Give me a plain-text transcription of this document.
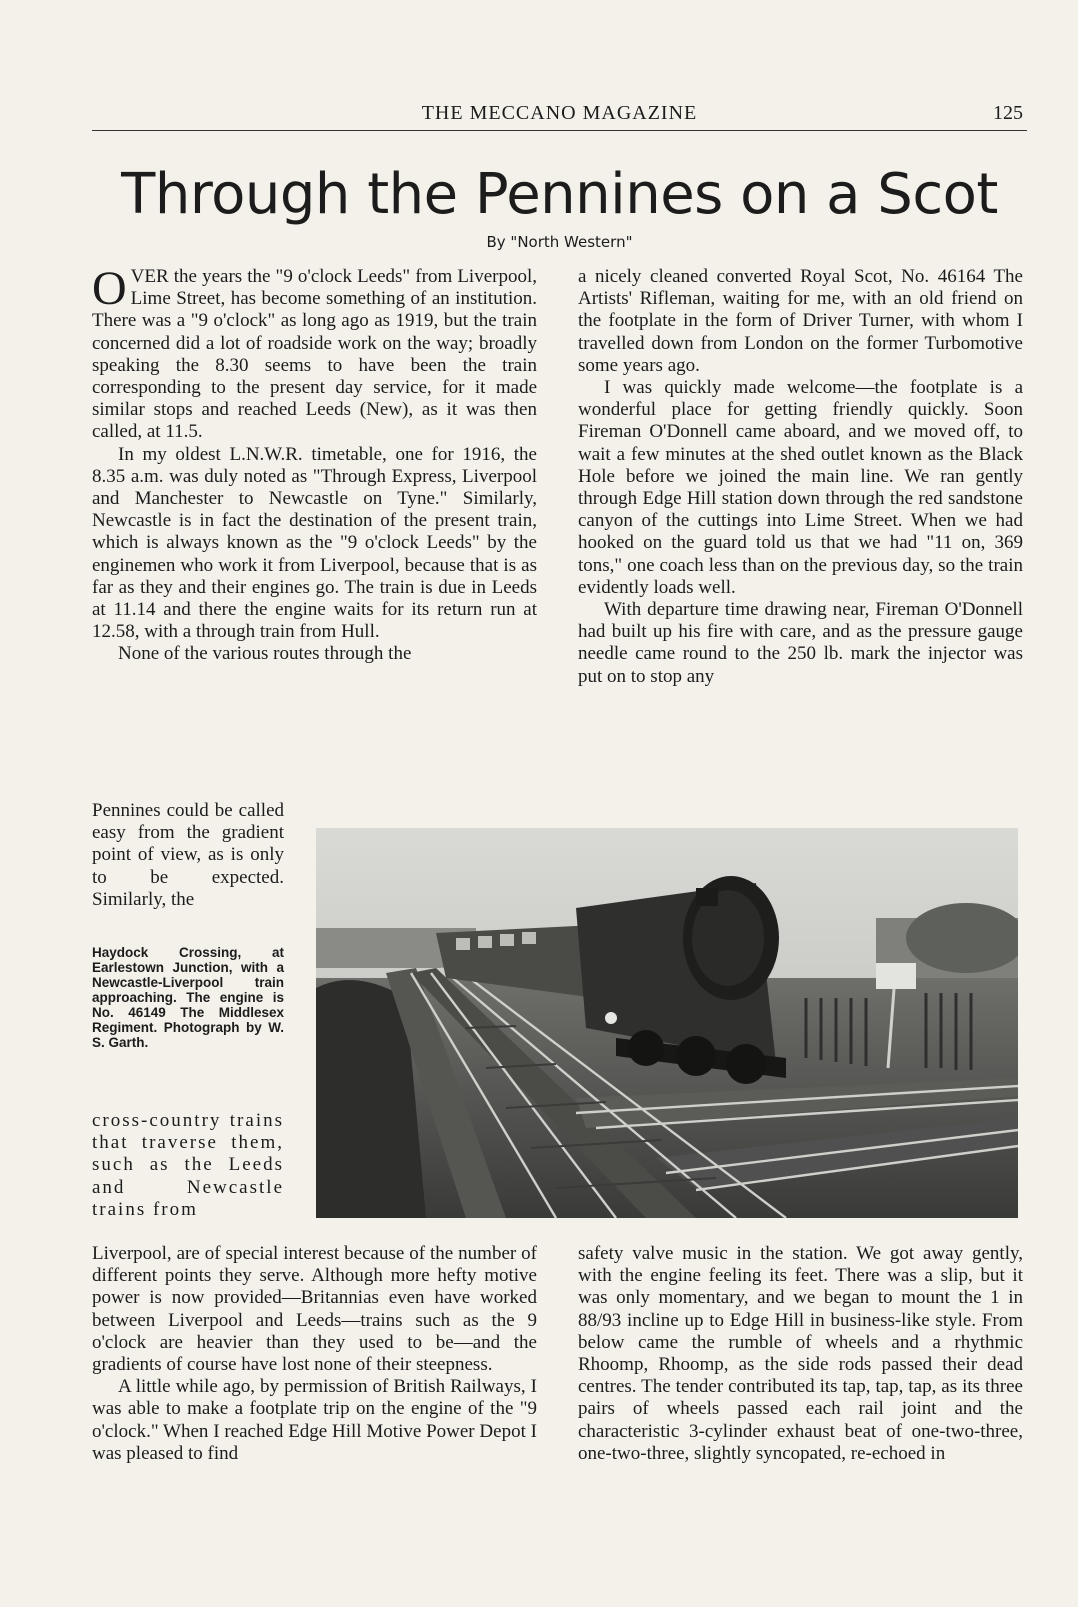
THE MECCANO MAGAZINE	125
Through the Pennines on a Scot
By "North Western"
O VER the years the "9 o'clock Leeds" from Liverpool, Lime Street, has become something of an institution. There was a "9 o'clock" as long ago as 1919, but the train concerned did a lot of roadside work on the way; broadly speaking the 8.30 seems to have been the train corresponding to the present day service, for it made similar stops and reached Leeds (New), as it was then called, at 11.5.

In my oldest L.N.W.R. timetable, one for 1916, the 8.35 a.m. was duly noted as "Through Express, Liverpool and Manchester to Newcastle on Tyne." Similarly, Newcastle is in fact the destination of the present train, which is always known as the "9 o'clock Leeds" by the enginemen who work it from Liverpool, because that is as far as they and their engines go. The train is due in Leeds at 11.14 and there the engine waits for its return run at 12.58, with a through train from Hull.

None of the various routes through the

Pennines could be called easy from the gradient point of view, as is only to be expected. Similarly, the

Haydock Crossing, at Earlestown Junction, with a Newcastle-Liverpool train approaching. The engine is No. 46149 The Middlesex Regiment. Photograph by W. S. Garth.

cross-country trains that traverse them, such as the Leeds and Newcastle trains from

Liverpool, are of special interest because of the number of different points they serve. Although more hefty motive power is now provided—Britannias even have worked between Liverpool and Leeds—trains such as the 9 o'clock are heavier than they used to be—and the gradients of course have lost none of their steepness.

A little while ago, by permission of British Railways, I was able to make a footplate trip on the engine of the "9 o'clock." When I reached Edge Hill Motive Power Depot I was pleased to find

a nicely cleaned converted Royal Scot, No. 46164 The Artists' Rifleman, waiting for me, with an old friend on the footplate in the form of Driver Turner, with whom I travelled down from London on the former Turbomotive some years ago.

I was quickly made welcome—the footplate is a wonderful place for getting friendly quickly. Soon Fireman O'Donnell came aboard, and we moved off, to wait a few minutes at the shed outlet known as the Black Hole before we joined the main line. We ran gently through Edge Hill station down through the red sandstone canyon of the cuttings into Lime Street. When we had hooked on the guard told us that we had "11 on, 369 tons," one coach less than on the previous day, so the train evidently loads well.

With departure time drawing near, Fireman O'Donnell had built up his fire with care, and as the pressure gauge needle came round to the 250 lb. mark the injector was put on to stop any

safety valve music in the station. We got away gently, with the engine feeling its feet. There was a slip, but it was only momentary, and we began to mount the 1 in 88/93 incline up to Edge Hill in business-like style. From below came the rumble of wheels and a rhythmic Rhoomp, Rhoomp, as the side rods passed their dead centres. The tender contributed its tap, tap, tap, as its three pairs of wheels passed each rail joint and the characteristic 3-cylinder exhaust beat of one-two-three, one-two-three, slightly syncopated, re-echoed in
